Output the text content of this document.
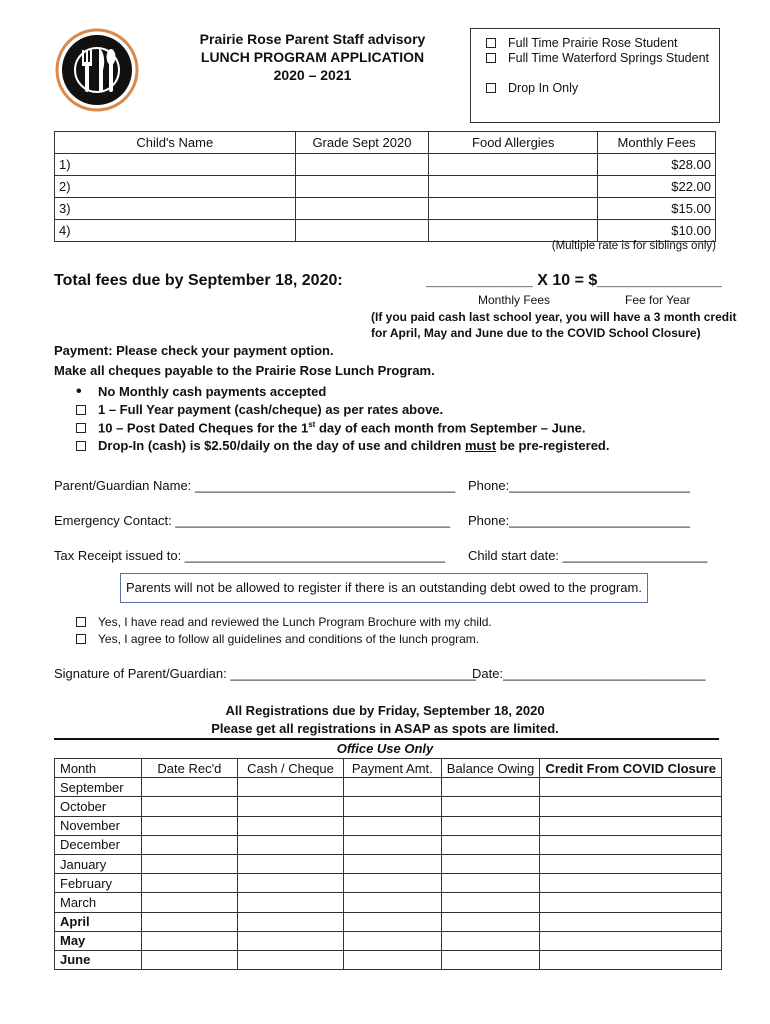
Prairie Rose Parent Staff advisory
LUNCH PROGRAM APPLICATION
2020 – 2021
Full Time Prairie Rose Student
Full Time Waterford Springs Student
Drop In Only
Child's Name	Grade Sept 2020	Food Allergies	Monthly Fees
1)			$28.00
2)			$22.00
3)			$15.00
4)			$10.00
(Multiple rate is for siblings only)
Total fees due by September 18, 2020:	____________ X 10 = $______________
Monthly Fees	Fee for Year
(If you paid cash last school year, you will have a 3 month credit
for April, May and June due to the COVID School Closure)
Payment: Please check your payment option.
Make all cheques payable to the Prairie Rose Lunch Program.
• No Monthly cash payments accepted
1 – Full Year payment (cash/cheque) as per rates above.
10 – Post Dated Cheques for the 1st day of each month from September – June.
Drop-In (cash) is $2.50/daily on the day of use and children must be pre-registered.
Parent/Guardian Name: ____________________________________ Phone:_________________________
Emergency Contact: ______________________________________ Phone:_________________________
Tax Receipt issued to: ____________________________________ Child start date: ____________________
Parents will not be allowed to register if there is an outstanding debt owed to the program.
Yes, I have read and reviewed the Lunch Program Brochure with my child.
Yes, I agree to follow all guidelines and conditions of the lunch program.
Signature of Parent/Guardian: __________________________________
Date:____________________________
All Registrations due by Friday, September 18, 2020
Please get all registrations in ASAP as spots are limited.
Office Use Only
Month	Date Rec'd	Cash / Cheque	Payment Amt.	Balance Owing	Credit From COVID Closure
September					
October					
November					
December					
January					
February					
March					
April					
May					
June					
